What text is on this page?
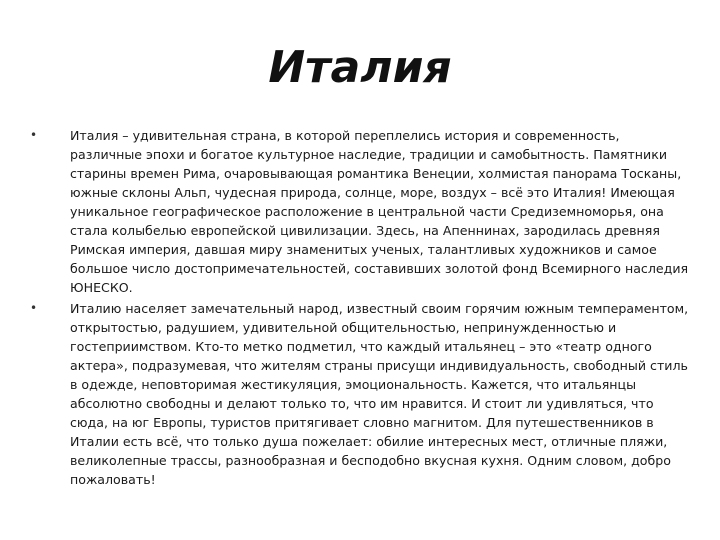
Италия
•	Италия – удивительная страна, в которой переплелись история и современность, различные эпохи и богатое культурное наследие, традиции и самобытность. Памятники старины времен Рима, очаровывающая романтика Венеции, холмистая панорама Тосканы, южные склоны Альп, чудесная природа, солнце, море, воздух – всё это Италия! Имеющая уникальное географическое расположение в центральной части Средиземноморья, она стала колыбелью европейской цивилизации. Здесь, на Апеннинах, зародилась древняя Римская империя, давшая миру знаменитых ученых, талантливых художников и самое большое число достопримечательностей, составивших золотой фонд Всемирного наследия ЮНЕСКО.
•	Италию населяет замечательный народ, известный своим горячим южным темпераментом, открытостью, радушием, удивительной общительностью, непринужденностью и гостеприимством. Кто-то метко подметил, что каждый итальянец – это «театр одного актера», подразумевая, что жителям страны присущи индивидуальность, свободный стиль в одежде, неповторимая жестикуляция, эмоциональность. Кажется, что итальянцы абсолютно свободны и делают только то, что им нравится. И стоит ли удивляться, что сюда, на юг Европы, туристов притягивает словно магнитом. Для путешественников в Италии есть всё, что только душа пожелает: обилие интересных мест, отличные пляжи, великолепные трассы, разнообразная и бесподобно вкусная кухня. Одним словом, добро пожаловать!
